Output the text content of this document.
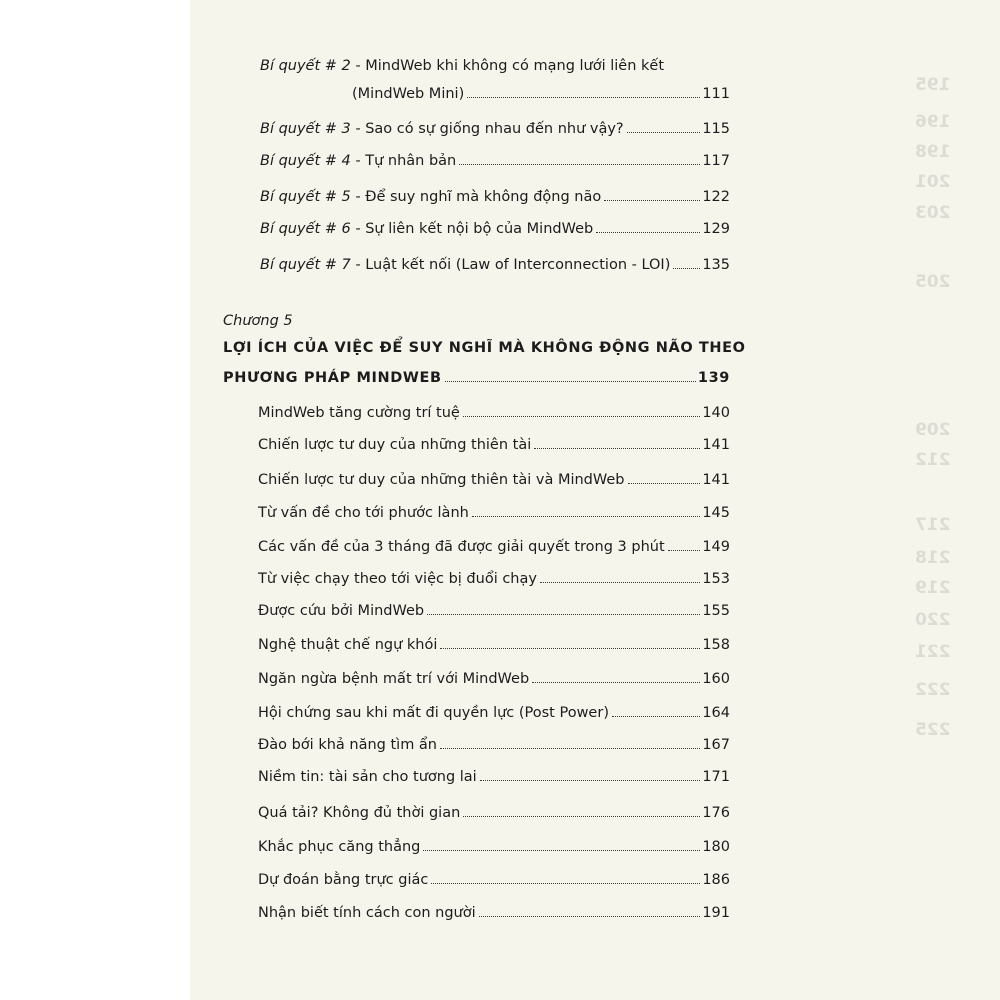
195
196
198
201
203
205
209
212
217
218
219
220
221
222
225
Bí quyết # 2 - MindWeb khi không có mạng lưới liên kết
(MindWeb Mini)	111
Bí quyết # 3 - Sao có sự giống nhau đến như vậy?	115
Bí quyết # 4 - Tự nhân bản	117
Bí quyết # 5 - Để suy nghĩ mà không động não	122
Bí quyết # 6 - Sự liên kết nội bộ của MindWeb	129
Bí quyết # 7 - Luật kết nối (Law of Interconnection - LOI) 135
Chương 5
LỢI ÍCH CỦA VIỆC ĐỂ SUY NGHĨ MÀ KHÔNG ĐỘNG NÃO THEO
PHƯƠNG PHÁP MINDWEB	139
MindWeb tăng cường trí tuệ	140
Chiến lược tư duy của những thiên tài	141
Chiến lược tư duy của những thiên tài và MindWeb	141
Từ vấn đề cho tới phước lành	145
Các vấn đề của 3 tháng đã được giải quyết trong 3 phút	149
Từ việc chạy theo tới việc bị đuổi chạy	153
Được cứu bởi MindWeb	155
Nghệ thuật chế ngự khói	158
Ngăn ngừa bệnh mất trí với MindWeb	160
Hội chứng sau khi mất đi quyền lực (Post Power)	164
Đào bới khả năng tìm ẩn	167
Niềm tin: tài sản cho tương lai	171
Quá tải? Không đủ thời gian	176
Khắc phục căng thẳng	180
Dự đoán bằng trực giác	186
Nhận biết tính cách con người	191
